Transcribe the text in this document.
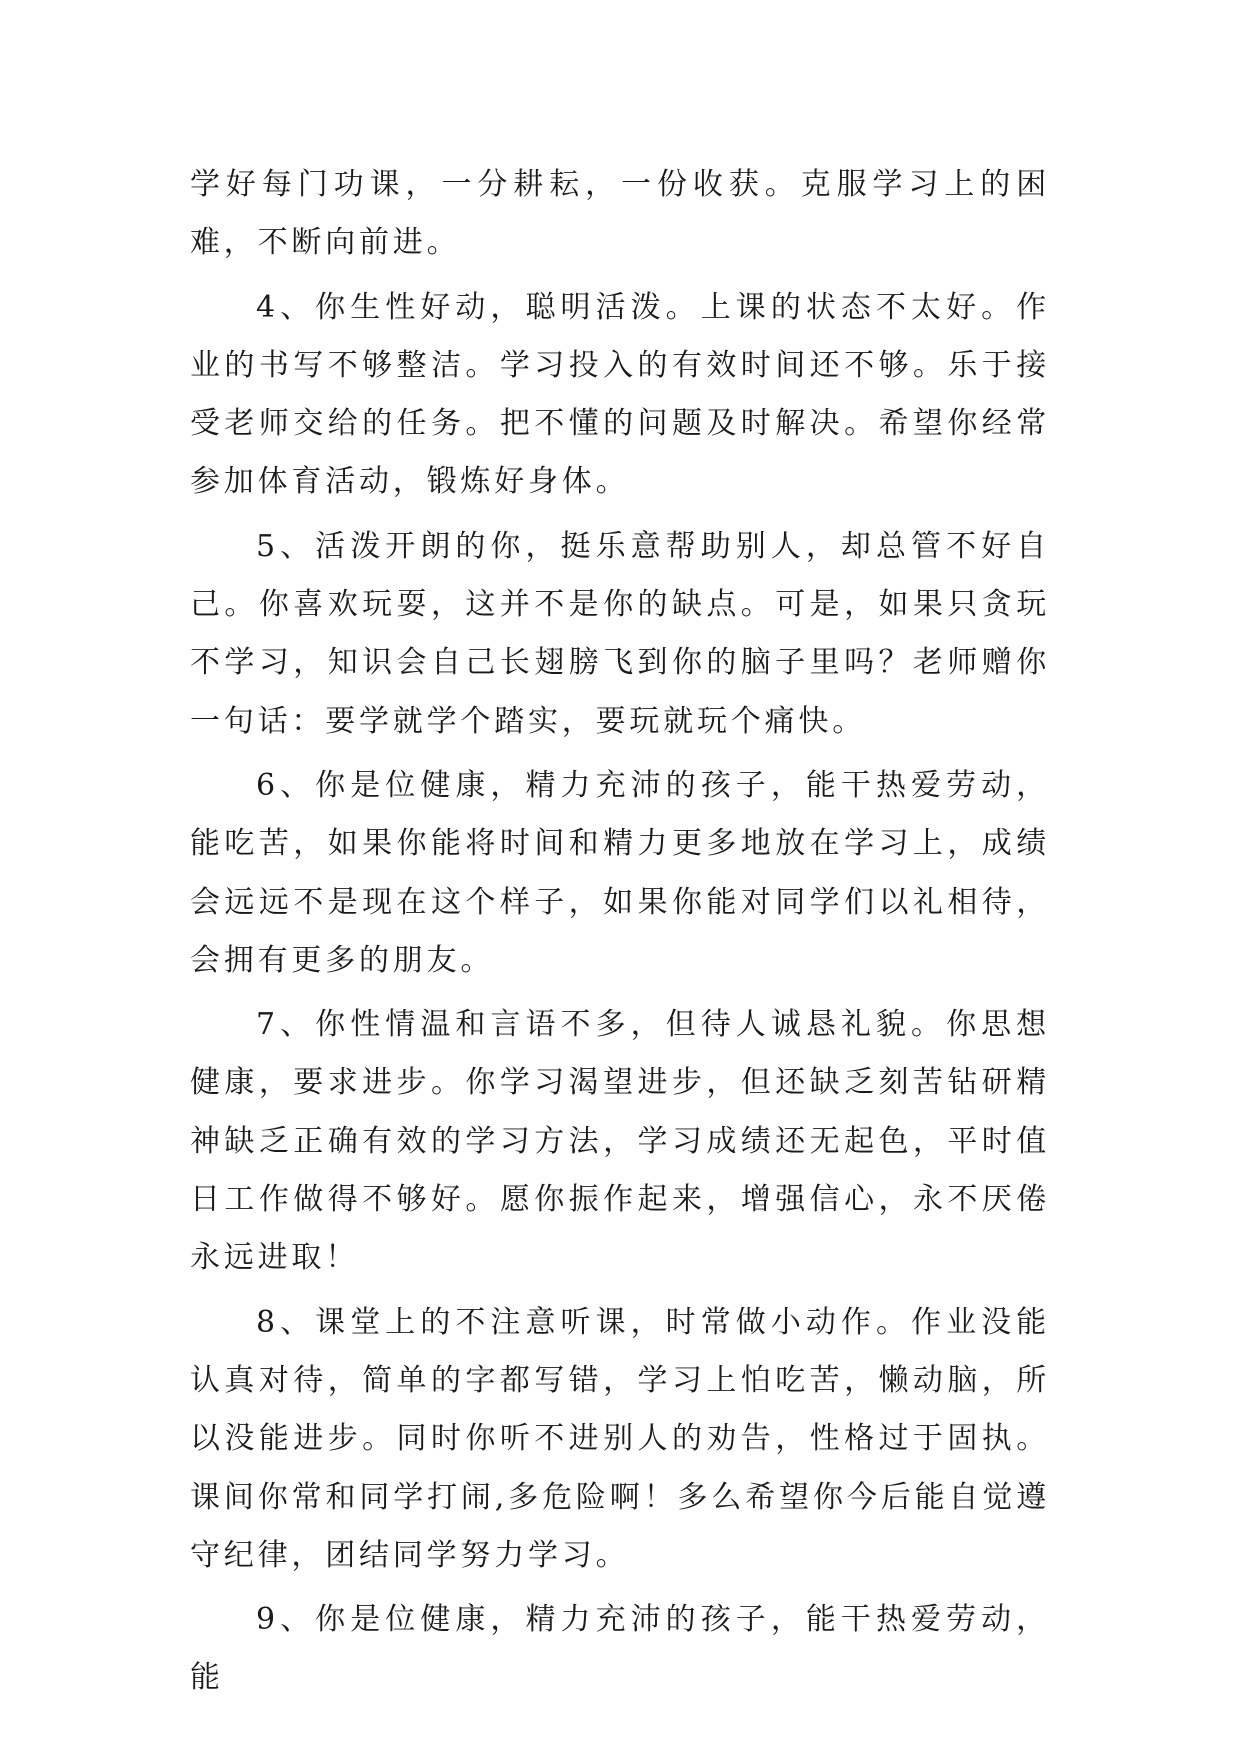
学好每门功课，一分耕耘，一份收获。克服学习上的困难，不断向前进。

4、你生性好动，聪明活泼。上课的状态不太好。作业的书写不够整洁。学习投入的有效时间还不够。乐于接受老师交给的任务。把不懂的问题及时解决。希望你经常参加体育活动，锻炼好身体。

5、活泼开朗的你，挺乐意帮助别人，却总管不好自己。你喜欢玩耍，这并不是你的缺点。可是，如果只贪玩不学习，知识会自己长翅膀飞到你的脑子里吗？老师赠你一句话：要学就学个踏实，要玩就玩个痛快。

6、你是位健康，精力充沛的孩子，能干热爱劳动，能吃苦，如果你能将时间和精力更多地放在学习上，成绩会远远不是现在这个样子，如果你能对同学们以礼相待，会拥有更多的朋友。

7、你性情温和言语不多，但待人诚恳礼貌。你思想健康，要求进步。你学习渴望进步，但还缺乏刻苦钻研精神缺乏正确有效的学习方法，学习成绩还无起色，平时值日工作做得不够好。愿你振作起来，增强信心，永不厌倦永远进取！

8、课堂上的不注意听课，时常做小动作。作业没能认真对待，简单的字都写错，学习上怕吃苦，懒动脑，所以没能进步。同时你听不进别人的劝告，性格过于固执。课间你常和同学打闹,多危险啊！多么希望你今后能自觉遵守纪律，团结同学努力学习。

9、你是位健康，精力充沛的孩子，能干热爱劳动，能
